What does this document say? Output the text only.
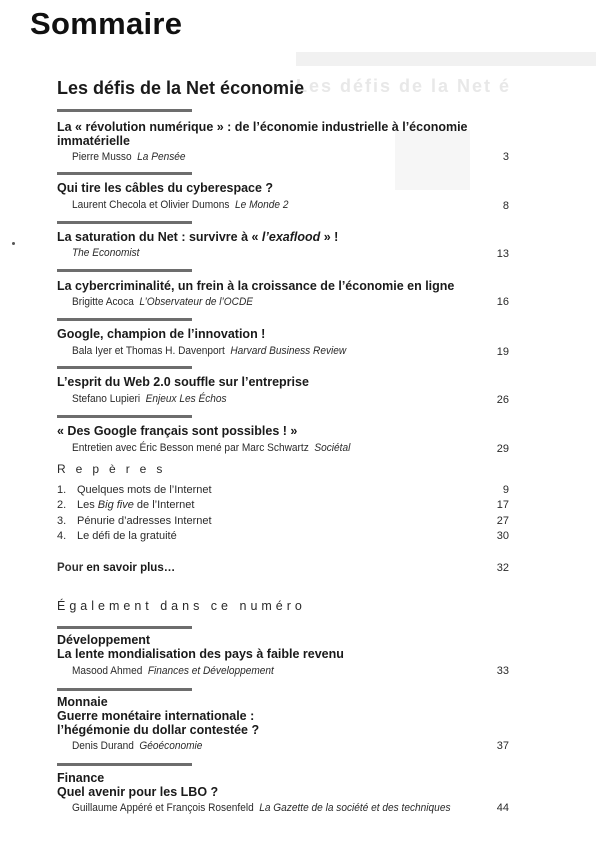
Les défis de la Net é
Sommaire
Les défis de la Net économie
La « révolution numérique » : de l’économie industrielle à l’économie immatérielle
Pierre Musso La Pensée	3
Qui tire les câbles du cyberespace ?
Laurent Checola et Olivier Dumons Le Monde 2	8
La saturation du Net : survivre à « l’exaflood » !
The Economist	13
La cybercriminalité, un frein à la croissance de l’économie en ligne
Brigitte Acoca L’Observateur de l’OCDE	16
Google, champion de l’innovation !
Bala Iyer et Thomas H. Davenport Harvard Business Review	19
L’esprit du Web 2.0 souffle sur l’entreprise
Stefano Lupieri Enjeux Les Échos	26
« Des Google français sont possibles ! »
Entretien avec Éric Besson mené par Marc Schwartz Sociétal	29
Repères
1. Quelques mots de l’Internet	9
2. Les Big five de l’Internet	17
3. Pénurie d’adresses Internet	27
4. Le défi de la gratuité	30
Pour en savoir plus…	32
Également dans ce numéro
Développement
La lente mondialisation des pays à faible revenu
Masood Ahmed Finances et Développement	33
Monnaie
Guerre monétaire internationale :
l’hégémonie du dollar contestée ?
Denis Durand Géoéconomie	37
Finance
Quel avenir pour les LBO ?
Guillaume Appéré et François Rosenfeld La Gazette de la société et des techniques	44
